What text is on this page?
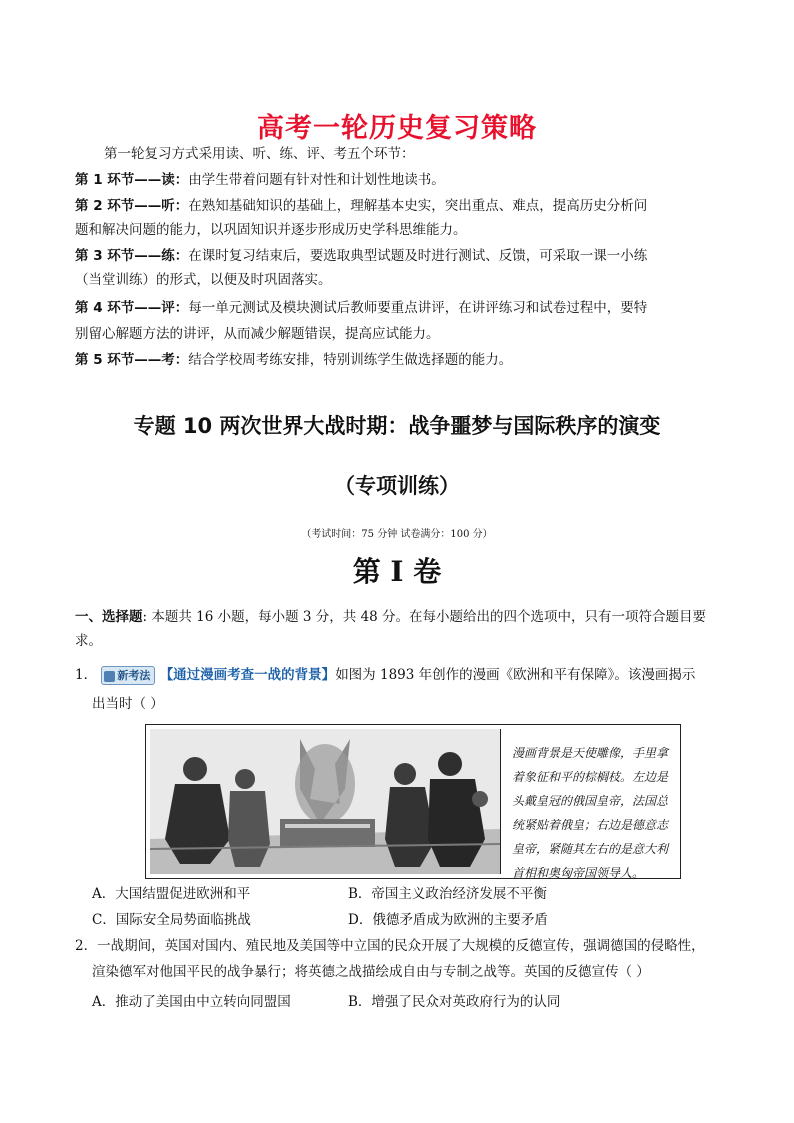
高考一轮历史复习策略
第一轮复习方式采用读、听、练、评、考五个环节：
第 1 环节——读：由学生带着问题有针对性和计划性地读书。
第 2 环节——听：在熟知基础知识的基础上，理解基本史实，突出重点、难点，提高历史分析问
题和解决问题的能力，以巩固知识并逐步形成历史学科思维能力。
第 3 环节——练：在课时复习结束后，要选取典型试题及时进行测试、反馈，可采取一课一小练
（当堂训练）的形式，以便及时巩固落实。
第 4 环节——评：每一单元测试及模块测试后教师要重点讲评，在讲评练习和试卷过程中，要特
别留心解题方法的讲评，从而减少解题错误，提高应试能力。
第 5 环节——考：结合学校周考练安排，特别训练学生做选择题的能力。
专题 10 两次世界大战时期：战争噩梦与国际秩序的演变
（专项训练）
（考试时间：75 分钟 试卷满分：100 分）
第 I 卷
一、选择题: 本题共 16 小题，每小题 3 分，共 48 分。在每小题给出的四个选项中，只有一项符合题目要
求。
1． 新考法 【通过漫画考查一战的背景】如图为 1893 年创作的漫画《欧洲和平有保障》。该漫画揭示
出当时（ ）
漫画背景是天使雕像，手里拿着象征和平的棕榈枝。左边是头戴皇冠的俄国皇帝，法国总统紧贴着俄皇；右边是德意志皇帝，紧随其左右的是意大利首相和奥匈帝国领导人。
A．大国结盟促进欧洲和平	B．帝国主义政治经济发展不平衡
C．国际安全局势面临挑战	D．俄德矛盾成为欧洲的主要矛盾
2．一战期间，英国对国内、殖民地及美国等中立国的民众开展了大规模的反德宣传，强调德国的侵略性，
渲染德军对他国平民的战争暴行；将英德之战描绘成自由与专制之战等。英国的反德宣传（ ）
A．推动了美国由中立转向同盟国	B．增强了民众对英政府行为的认同
